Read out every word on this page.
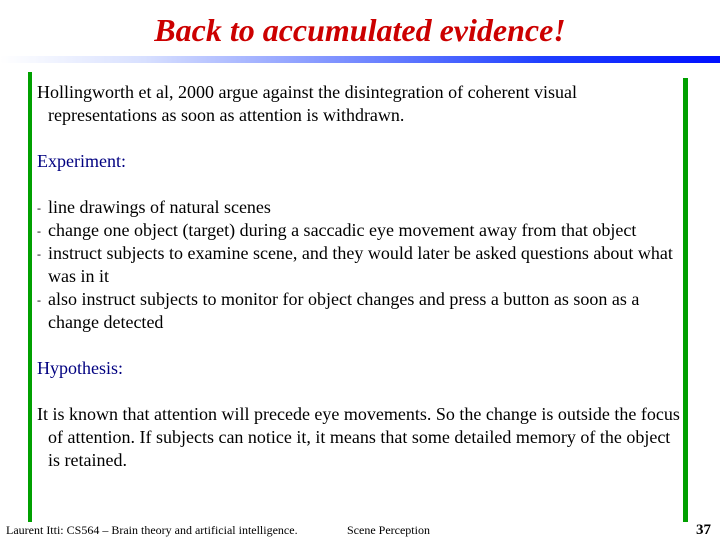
Back to accumulated evidence!

Hollingworth et al, 2000 argue against the disintegration of coherent visual representations as soon as attention is withdrawn.

Experiment:

- line drawings of natural scenes
- change one object (target) during a saccadic eye movement away from that object
- instruct subjects to examine scene, and they would later be asked questions about what was in it
- also instruct subjects to monitor for object changes and press a button as soon as a change detected

Hypothesis:

It is known that attention will precede eye movements. So the change is outside the focus of attention. If subjects can notice it, it means that some detailed memory of the object is retained.

Laurent Itti: CS564 – Brain theory and artificial intelligence.	Scene Perception	37
